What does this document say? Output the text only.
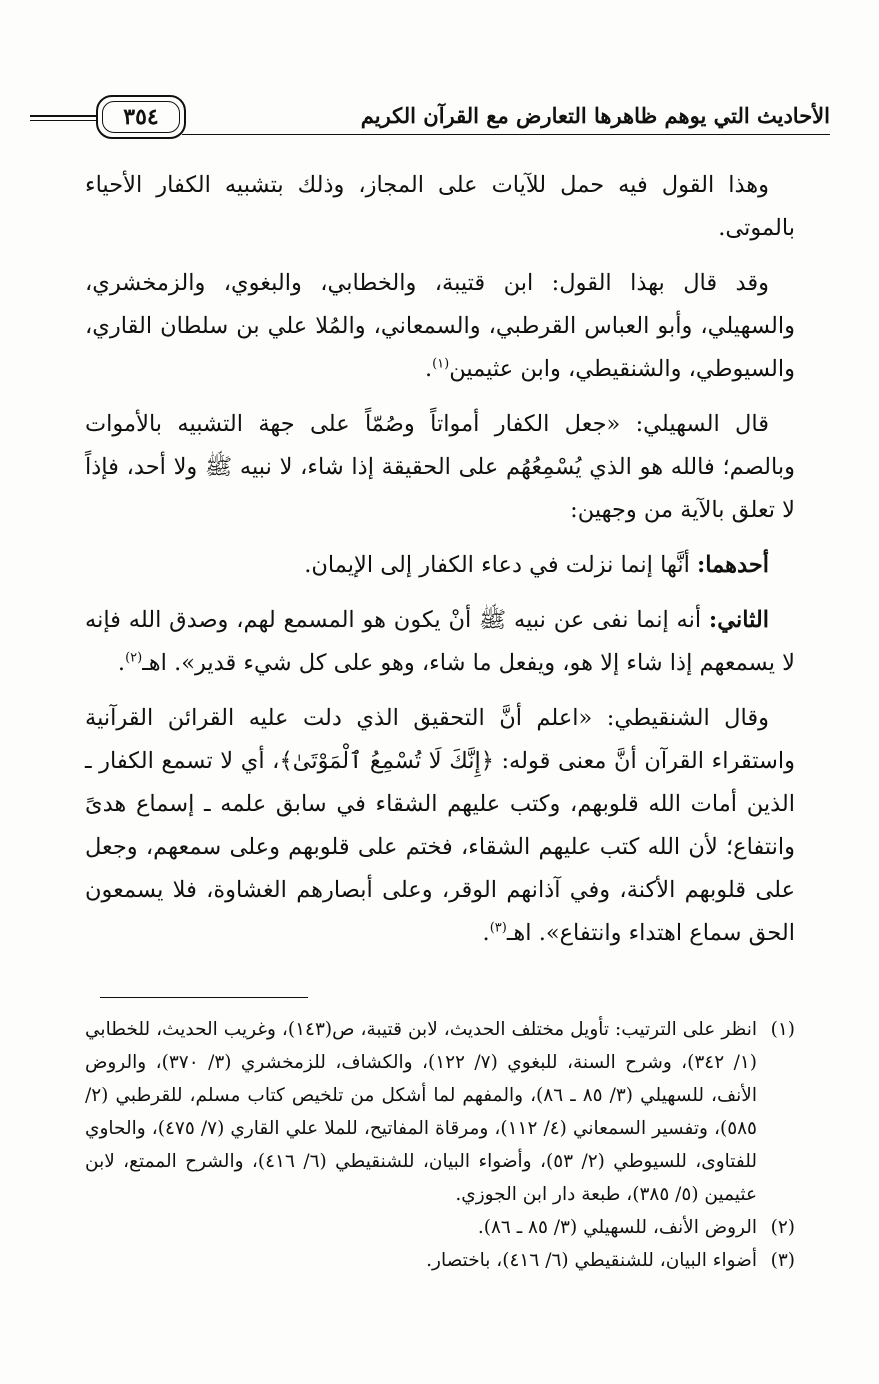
٣٥٤	الأحاديث التي يوهم ظاهرها التعارض مع القرآن الكريم

وهذا القول فيه حمل للآيات على المجاز، وذلك بتشبيه الكفار الأحياء بالموتى.

وقد قال بهذا القول: ابن قتيبة، والخطابي، والبغوي، والزمخشري، والسهيلي، وأبو العباس القرطبي، والسمعاني، والمُلا علي بن سلطان القاري، والسيوطي، والشنقيطي، وابن عثيمين$^{(١)}$.

قال السهيلي: «جعل الكفار أمواتاً وصُمّاً على جهة التشبيه بالأموات وبالصم؛ فالله هو الذي يُسْمِعُهُم على الحقيقة إذا شاء، لا نبيه ﷺ ولا أحد، فإذاً لا تعلق بالآية من وجهين:

أحدهما: أنَّها إنما نزلت في دعاء الكفار إلى الإيمان.

الثاني: أنه إنما نفى عن نبيه ﷺ أنْ يكون هو المسمع لهم، وصدق الله فإنه لا يسمعهم إذا شاء إلا هو، ويفعل ما شاء، وهو على كل شيء قدير». اهـ$^{(٢)}$.

وقال الشنقيطي: «اعلم أنَّ التحقيق الذي دلت عليه القرائن القرآنية واستقراء القرآن أنَّ معنى قوله: ﴿إِنَّكَ لَا تُسْمِعُ ٱلْمَوْتَىٰ﴾، أي لا تسمع الكفار ـ الذين أمات الله قلوبهم، وكتب عليهم الشقاء في سابق علمه ـ إسماع هدىً وانتفاع؛ لأن الله كتب عليهم الشقاء، فختم على قلوبهم وعلى سمعهم، وجعل على قلوبهم الأكنة، وفي آذانهم الوقر، وعلى أبصارهم الغشاوة، فلا يسمعون الحق سماع اهتداء وانتفاع». اهـ$^{(٣)}$.

(١)
انظر على الترتيب: تأويل مختلف الحديث، لابن قتيبة، ص(١٤٣)، وغريب الحديث، للخطابي (١/ ٣٤٢)، وشرح السنة، للبغوي (٧/ ١٢٢)، والكشاف، للزمخشري (٣/ ٣٧٠)، والروض الأنف، للسهيلي (٣/ ٨٥ ـ ٨٦)، والمفهم لما أشكل من تلخيص كتاب مسلم، للقرطبي (٢/ ٥٨٥)، وتفسير السمعاني (٤/ ١١٢)، ومرقاة المفاتيح، للملا علي القاري (٧/ ٤٧٥)، والحاوي للفتاوى، للسيوطي (٢/ ٥٣)، وأضواء البيان، للشنقيطي (٦/ ٤١٦)، والشرح الممتع، لابن عثيمين (٥/ ٣٨٥)، طبعة دار ابن الجوزي.
(٢)
الروض الأنف، للسهيلي (٣/ ٨٥ ـ ٨٦).
(٣)
أضواء البيان، للشنقيطي (٦/ ٤١٦)، باختصار.
